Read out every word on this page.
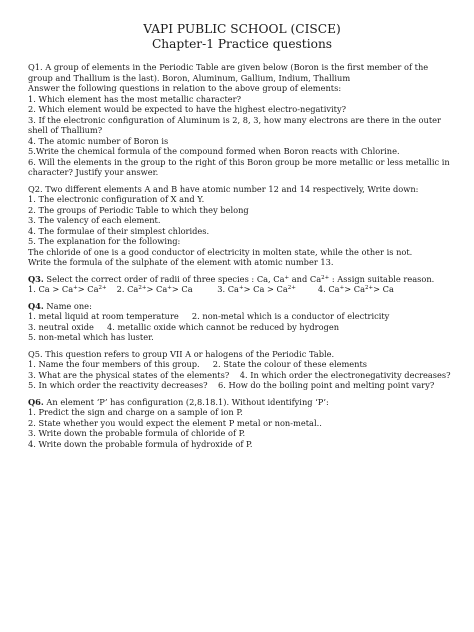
VAPI PUBLIC SCHOOL (CISCE)
Chapter-1 Practice questions
Q1. A group of elements in the Periodic Table are given below (Boron is the first member of the
group and Thallium is the last). Boron, Aluminum, Gallium, Indium, Thallium
Answer the following questions in relation to the above group of elements:
1. Which element has the most metallic character?
2. Which element would be expected to have the highest electro-negativity?
3. If the electronic configuration of Aluminum is 2, 8, 3, how many electrons are there in the outer
shell of Thallium?
4. The atomic number of Boron is
5.Write the chemical formula of the compound formed when Boron reacts with Chlorine.
6. Will the elements in the group to the right of this Boron group be more metallic or less metallic in
character? Justify your answer.
Q2. Two different elements A and B have atomic number 12 and 14 respectively, Write down:
1. The electronic configuration of X and Y.
2. The groups of Periodic Table to which they belong
3. The valency of each element.
4. The formulae of their simplest chlorides.
5. The explanation for the following:
The chloride of one is a good conductor of electricity in molten state, while the other is not.
Write the formula of the sulphate of the element with atomic number 13.
Q3. Select the correct order of radii of three species : Ca, Ca+ and $Ca^{2+}$ : Assign suitable reason.
1. $Ca > Ca^+> Ca^{2+}$ 2. $Ca^{2+}> Ca^+> Ca$	3. $Ca^+> Ca > Ca^{2+}$	4. $Ca^+> Ca^{2+}> Ca$
Q4. Name one:
1. metal liquid at room temperature     2. non-metal which is a conductor of electricity
3. neutral oxide     4. metallic oxide which cannot be reduced by hydrogen
5. non-metal which has luster.
Q5. This question refers to group VII A or halogens of the Periodic Table.
1. Name the four members of this group.     2. State the colour of these elements
3. What are the physical states of the elements?    4. In which order the electronegativity decreases?
5. In which order the reactivity decreases?    6. How do the boiling point and melting point vary?
Q6. An element ‘P’ has configuration (2,8.18.1). Without identifying ‘P’:
1. Predict the sign and charge on a sample of ion P.
2. State whether you would expect the element P metal or non-metal..
3. Write down the probable formula of chloride of P.
4. Write down the probable formula of hydroxide of P.
